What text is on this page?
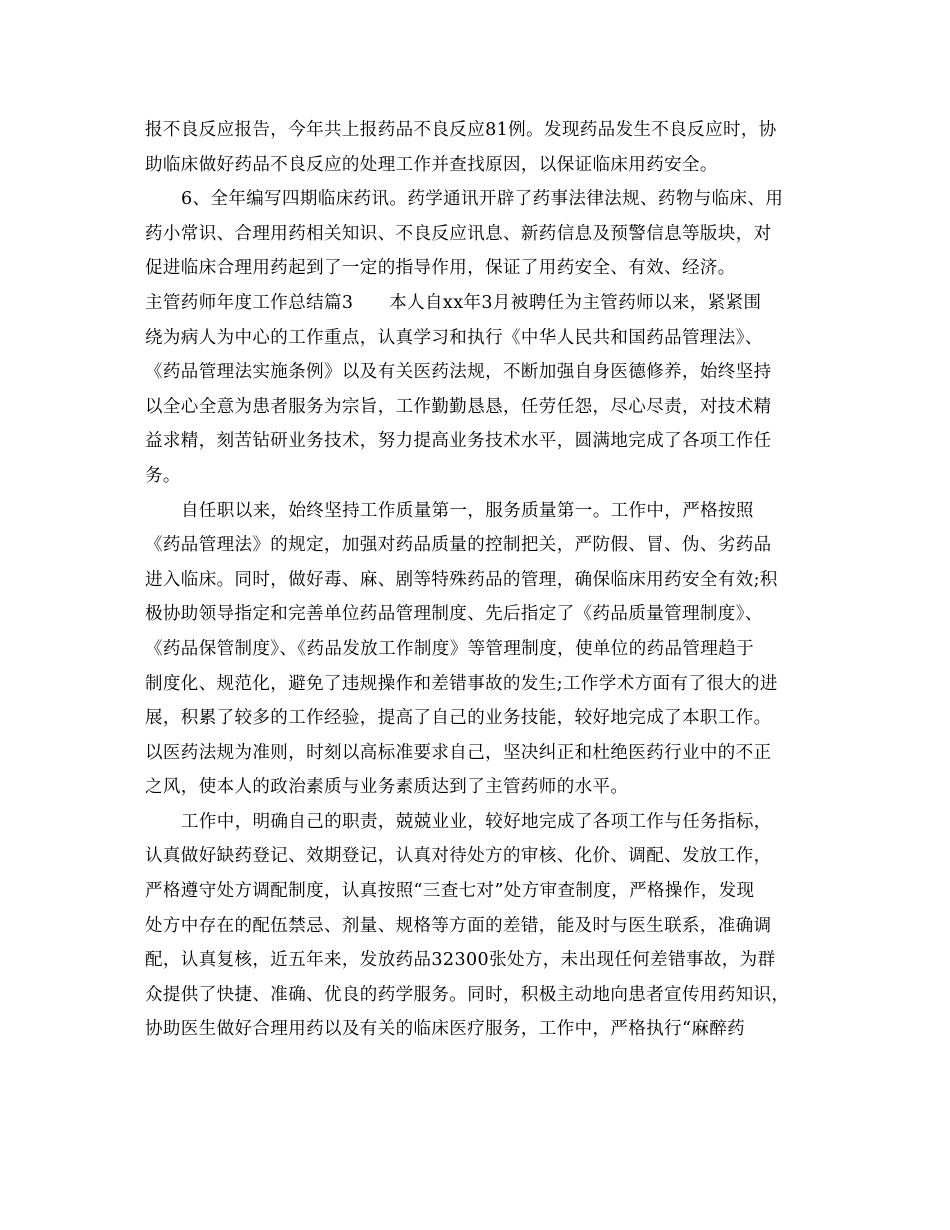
报不良反应报告，今年共上报药品不良反应81例。发现药品发生不良反应时，协
助临床做好药品不良反应的处理工作并查找原因，以保证临床用药安全。
6、全年编写四期临床药讯。药学通讯开辟了药事法律法规、药物与临床、用
药小常识、合理用药相关知识、不良反应讯息、新药信息及预警信息等版块，对
促进临床合理用药起到了一定的指导作用，保证了用药安全、有效、经济。
主管药师年度工作总结篇3　　本人自xx年3月被聘任为主管药师以来，紧紧围
绕为病人为中心的工作重点，认真学习和执行《中华人民共和国药品管理法》、
《药品管理法实施条例》以及有关医药法规，不断加强自身医德修养，始终坚持
以全心全意为患者服务为宗旨，工作勤勤恳恳，任劳任怨，尽心尽责，对技术精
益求精，刻苦钻研业务技术，努力提高业务技术水平，圆满地完成了各项工作任
务。
自任职以来，始终坚持工作质量第一，服务质量第一。工作中，严格按照
《药品管理法》的规定，加强对药品质量的控制把关，严防假、冒、伪、劣药品
进入临床。同时，做好毒、麻、剧等特殊药品的管理，确保临床用药安全有效;积
极协助领导指定和完善单位药品管理制度、先后指定了《药品质量管理制度》、
《药品保管制度》、《药品发放工作制度》等管理制度，使单位的药品管理趋于
制度化、规范化，避免了违规操作和差错事故的发生;工作学术方面有了很大的进
展，积累了较多的工作经验，提高了自己的业务技能，较好地完成了本职工作。
以医药法规为准则，时刻以高标准要求自己，坚决纠正和杜绝医药行业中的不正
之风，使本人的政治素质与业务素质达到了主管药师的水平。
工作中，明确自己的职责，兢兢业业，较好地完成了各项工作与任务指标，
认真做好缺药登记、效期登记，认真对待处方的审核、化价、调配、发放工作，
严格遵守处方调配制度，认真按照“三查七对”处方审查制度，严格操作，发现
处方中存在的配伍禁忌、剂量、规格等方面的差错，能及时与医生联系，准确调
配，认真复核，近五年来，发放药品32300张处方，未出现任何差错事故，为群
众提供了快捷、准确、优良的药学服务。同时，积极主动地向患者宣传用药知识，
协助医生做好合理用药以及有关的临床医疗服务，工作中，严格执行“麻醉药
